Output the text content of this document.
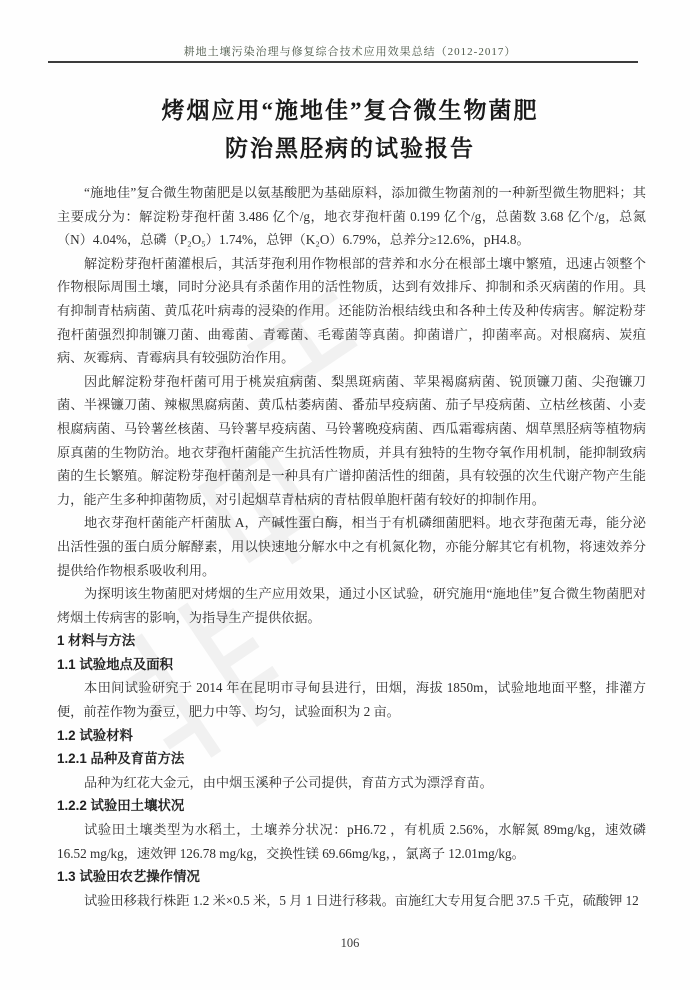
耕地土壤污染治理与修复综合技术应用效果总结（2012-2017）
烤烟应用“施地佳”复合微生物菌肥
防治黑胫病的试验报告

“施地佳”复合微生物菌肥是以氨基酸肥为基础原料，添加微生物菌剂的一种新型微生物肥料；其主要成分为：解淀粉芽孢杆菌 3.486 亿个/g，地衣芽孢杆菌 0.199 亿个/g，总菌数 3.68 亿个/g，总氮（N）4.04%，总磷（P₂O₅）1.74%，总钾（K₂O）6.79%，总养分≥12.6%，pH4.8。

解淀粉芽孢杆菌灌根后，其活芽孢利用作物根部的营养和水分在根部土壤中繁殖，迅速占领整个作物根际周围土壤，同时分泌具有杀菌作用的活性物质，达到有效排斥、抑制和杀灭病菌的作用。具有抑制青枯病菌、黄瓜花叶病毒的浸染的作用。还能防治根结线虫和各种土传及种传病害。解淀粉芽孢杆菌强烈抑制镰刀菌、曲霉菌、青霉菌、毛霉菌等真菌。抑菌谱广，抑菌率高。对根腐病、炭疽病、灰霉病、青霉病具有较强防治作用。

因此解淀粉芽孢杆菌可用于桃炭疽病菌、梨黑斑病菌、苹果褐腐病菌、锐顶镰刀菌、尖孢镰刀菌、半裸镰刀菌、辣椒黑腐病菌、黄瓜枯萎病菌、番茄早疫病菌、茄子早疫病菌、立枯丝核菌、小麦根腐病菌、马铃薯丝核菌、马铃薯早疫病菌、马铃薯晚疫病菌、西瓜霜霉病菌、烟草黑胫病等植物病原真菌的生物防治。地衣芽孢杆菌能产生抗活性物质，并具有独特的生物夺氧作用机制，能抑制致病菌的生长繁殖。解淀粉芽孢杆菌剂是一种具有广谱抑菌活性的细菌，具有较强的次生代谢产物产生能力，能产生多种抑菌物质，对引起烟草青枯病的青枯假单胞杆菌有较好的抑制作用。

地衣芽孢杆菌能产杆菌肽 A，产碱性蛋白酶，相当于有机磷细菌肥料。地衣芽孢菌无毒，能分泌出活性强的蛋白质分解酵素，用以快速地分解水中之有机氮化物，亦能分解其它有机物，将速效养分提供给作物根系吸收利用。

为探明该生物菌肥对烤烟的生产应用效果，通过小区试验，研究施用“施地佳”复合微生物菌肥对烤烟土传病害的影响，为指导生产提供依据。

1 材料与方法
1.1 试验地点及面积

本田间试验研究于 2014 年在昆明市寻甸县进行，田烟，海拔 1850m，试验地地面平整，排灌方便，前茬作物为蚕豆，肥力中等、均匀，试验面积为 2 亩。

1.2 试验材料
1.2.1 品种及育苗方法

品种为红花大金元，由中烟玉溪种子公司提供，育苗方式为漂浮育苗。

1.2.2 试验田土壤状况

试验田土壤类型为水稻土，土壤养分状况：pH6.72 ，有机质 2.56%，水解氮 89mg/kg，速效磷 16.52 mg/kg，速效钾 126.78 mg/kg，交换性镁 69.66mg/kg，，氯离子 12.01mg/kg。

1.3 试验田农艺操作情况

试验田移栽行株距 1.2 米×0.5 米，5 月 1 日进行移栽。亩施红大专用复合肥 37.5 千克，硫酸钾 12

106
